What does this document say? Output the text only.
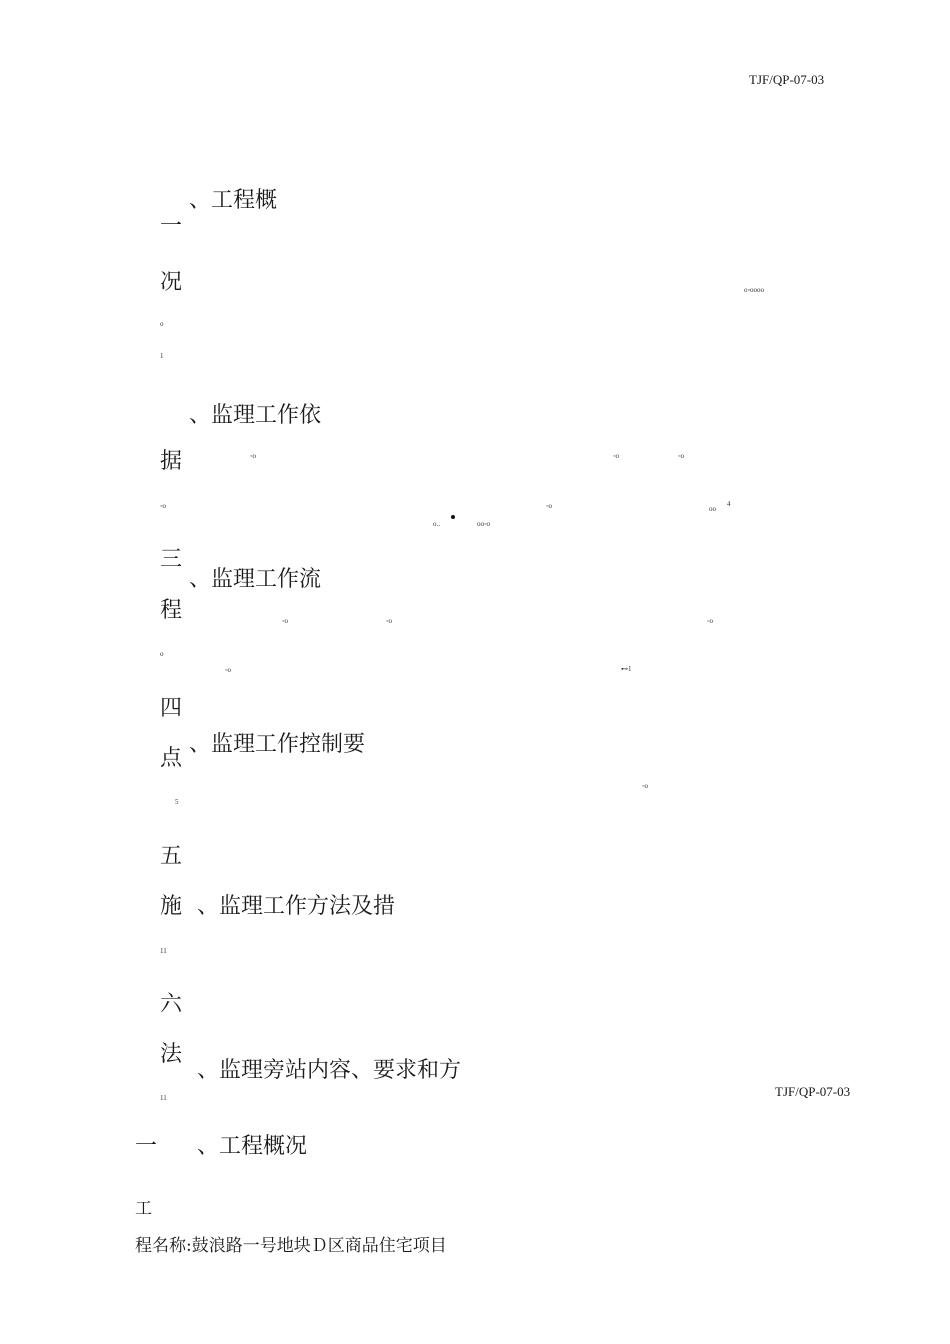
TJF/QP-07-03
、工程概
一
况	o◦oooo
o
1
、监理工作依
据	◦o	◦o	◦o
◦o	◦o	oo
4
o..	oo◦o
三
、监理工作流
程	◦o	◦o	◦o
o
◦o	⊷1
四
、监理工作控制要
点
◦o
5
五
施 、监理工作方法及措
11
六
法
、监理旁站内容、要求和方
11	TJF/QP-07-03
一 、工程概况
工
程名称:鼓浪路一号地块Ｄ区商品住宅项目
